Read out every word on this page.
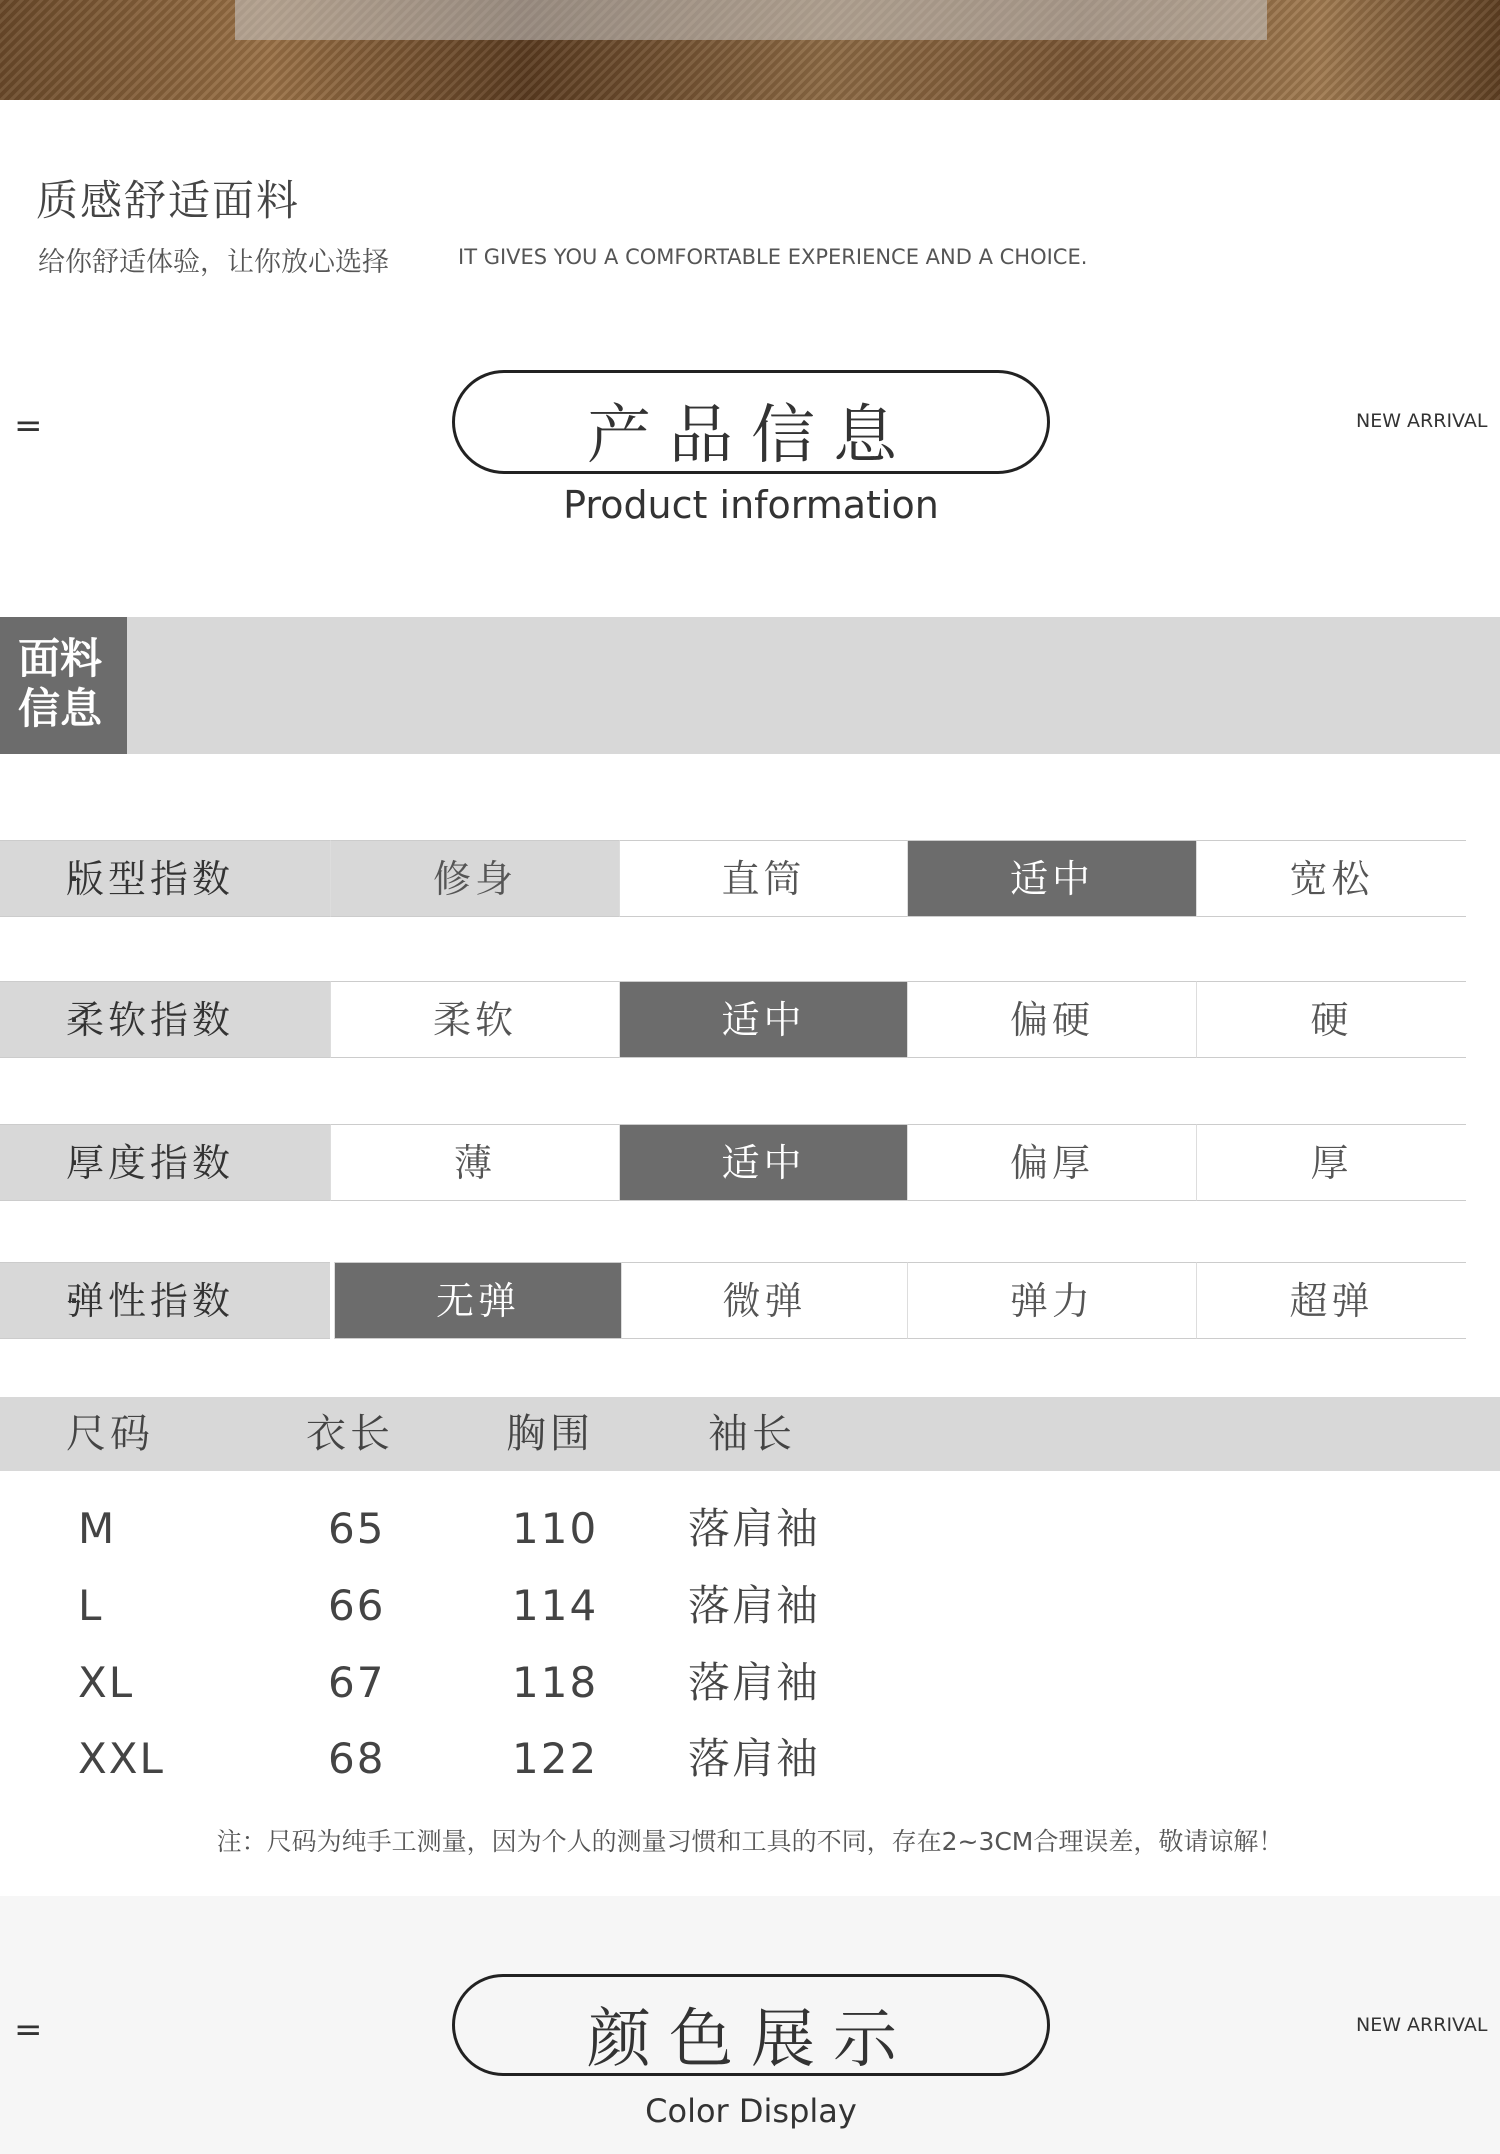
质感舒适面料
给你舒适体验，让你放心选择	IT GIVES YOU A COMFORTABLE EXPERIENCE AND A CHOICE.
=	产品信息
Product information
NEW ARRIVAL
面料
信息
· 版型指数	修身	直筒	适中	宽松
· 柔软指数	柔软	适中	偏硬	硬
· 厚度指数	薄	适中	偏厚	厚
· 弹性指数	无弹	微弹	弹力	超弹
尺码	衣长	胸围	袖长
M	65	110 落肩袖
L	66	114 落肩袖
XL	67	118 落肩袖
XXL	68	122 落肩袖
注：尺码为纯手工测量，因为个人的测量习惯和工具的不同，存在2~3CM合理误差，敬请谅解！
=	颜色展示
Color Display
NEW ARRIVAL
